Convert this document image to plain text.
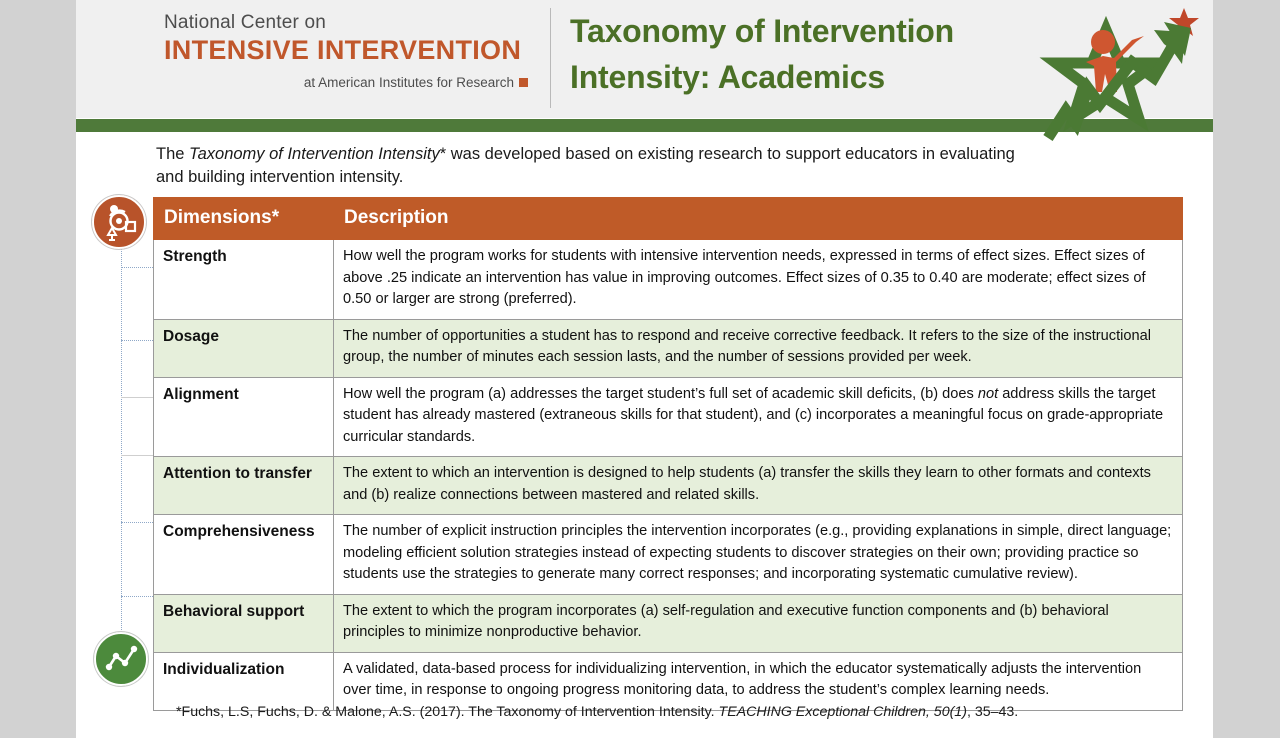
National Center on
INTENSIVE INTERVENTION
at American Institutes for Research
Taxonomy of Intervention
Intensity: Academics
The Taxonomy of Intervention Intensity* was developed based on existing research to support educators in evaluating and building intervention intensity.
Dimensions*	Description
Strength	How well the program works for students with intensive intervention needs, expressed in terms of effect sizes. Effect sizes of above .25 indicate an intervention has value in improving outcomes. Effect sizes of 0.35 to 0.40 are moderate; effect sizes of 0.50 or larger are strong (preferred).
Dosage	The number of opportunities a student has to respond and receive corrective feedback. It refers to the size of the instructional group, the number of minutes each session lasts, and the number of sessions provided per week.
Alignment	How well the program (a) addresses the target student’s full set of academic skill deficits, (b) does not address skills the target student has already mastered (extraneous skills for that student), and (c) incorporates a meaningful focus on grade-appropriate curricular standards.
Attention to transfer	The extent to which an intervention is designed to help students (a) transfer the skills they learn to other formats and contexts and (b) realize connections between mastered and related skills.
Comprehensiveness	The number of explicit instruction principles the intervention incorporates (e.g., providing explanations in simple, direct language; modeling efficient solution strategies instead of expecting students to discover strategies on their own; providing practice so students use the strategies to generate many correct responses; and incorporating systematic cumulative review).
Behavioral support	The extent to which the program incorporates (a) self-regulation and executive function components and (b) behavioral principles to minimize nonproductive behavior.
Individualization	A validated, data-based process for individualizing intervention, in which the educator systematically adjusts the intervention over time, in response to ongoing progress monitoring data, to address the student’s complex learning needs.
*Fuchs, L.S, Fuchs, D. & Malone, A.S. (2017). The Taxonomy of Intervention Intensity. TEACHING Exceptional Children, 50(1), 35–43.
